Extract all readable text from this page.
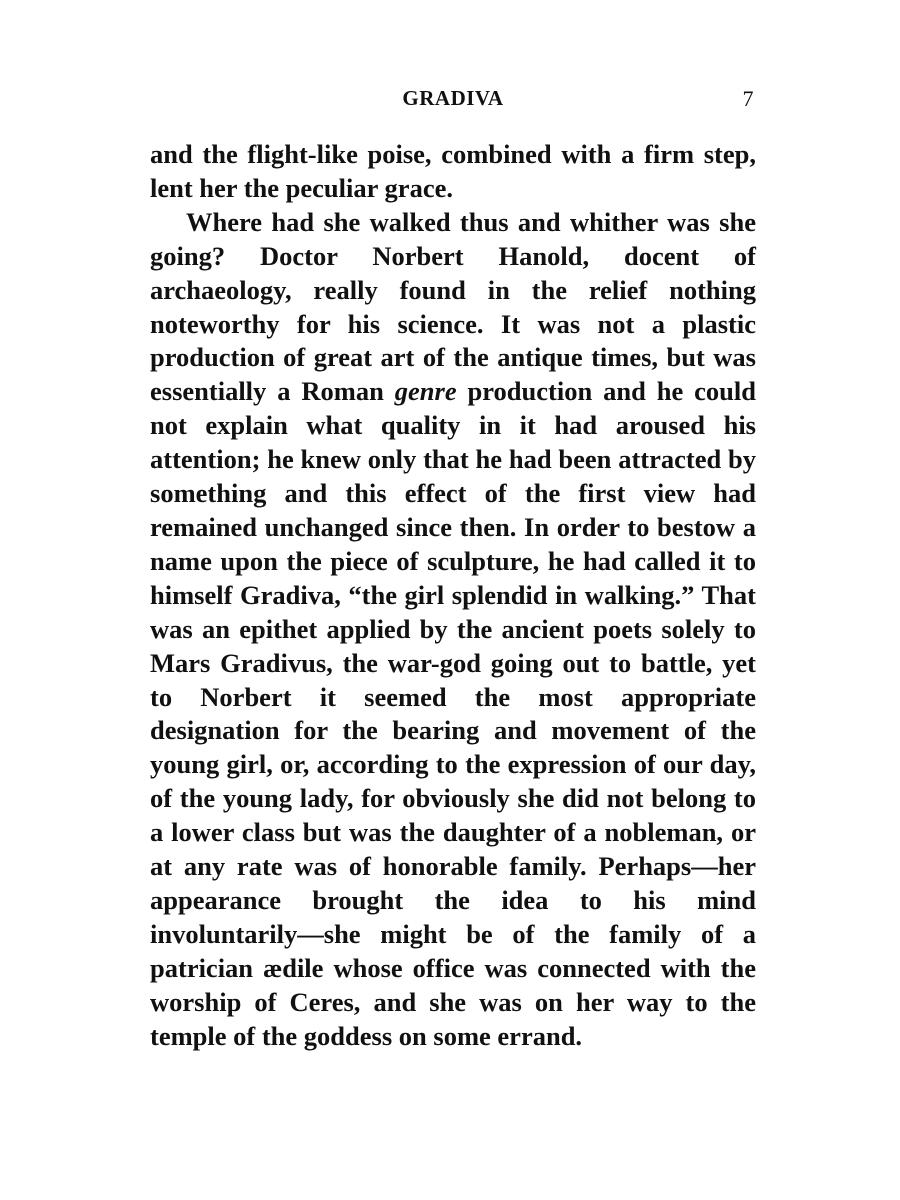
GRADIVA	7

and the flight-like poise, combined with a firm step, lent her the peculiar grace.

Where had she walked thus and whither was she going? Doctor Norbert Hanold, docent of archaeology, really found in the relief nothing noteworthy for his science. It was not a plastic production of great art of the antique times, but was essentially a Roman genre production and he could not explain what quality in it had aroused his attention; he knew only that he had been attracted by something and this effect of the first view had remained unchanged since then. In order to bestow a name upon the piece of sculpture, he had called it to himself Gradiva, “the girl splendid in walking.” That was an epithet applied by the ancient poets solely to Mars Gradivus, the war-god going out to battle, yet to Norbert it seemed the most appropriate designation for the bearing and movement of the young girl, or, according to the expression of our day, of the young lady, for obviously she did not belong to a lower class but was the daughter of a nobleman, or at any rate was of honorable family. Perhaps—her appearance brought the idea to his mind involuntarily—she might be of the family of a patrician ædile whose office was connected with the worship of Ceres, and she was on her way to the temple of the goddess on some errand.
